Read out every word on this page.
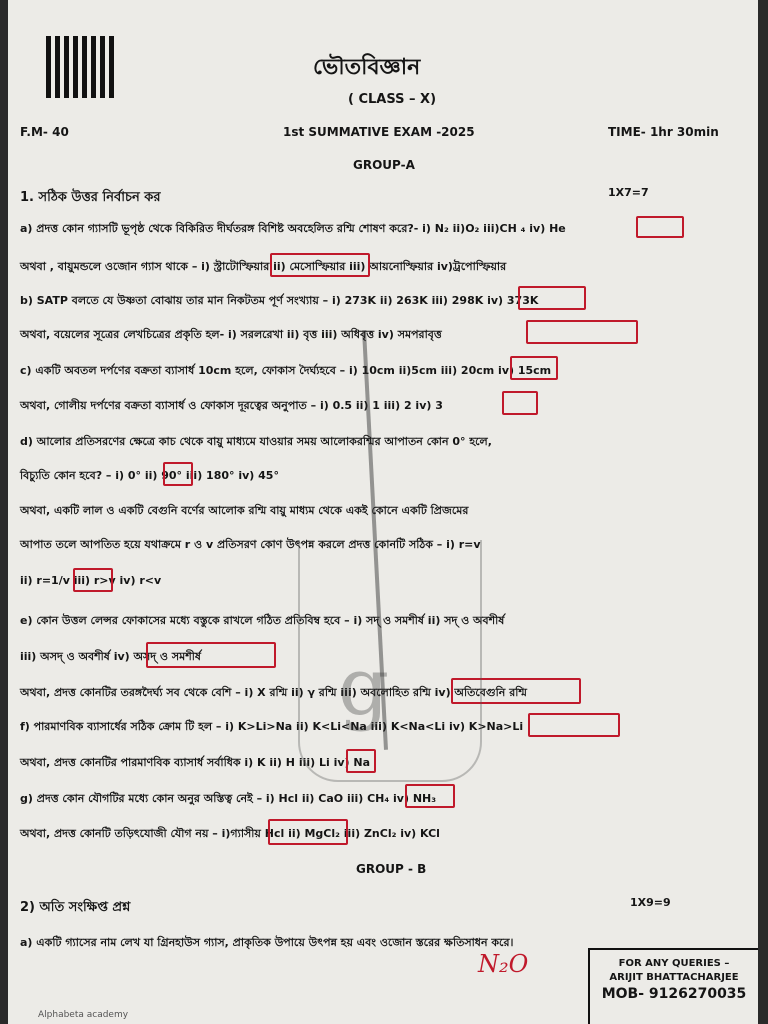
ভৌতবিজ্ঞান
( CLASS – X)
F.M- 40	1st SUMMATIVE EXAM -2025	TIME- 1hr 30min
GROUP-A
1. সঠিক উত্তর নির্বাচন কর	1X7=7
a) প্রদত্ত কোন গ্যাসটি ভূপৃষ্ঠ থেকে বিকিরিত দীর্ঘতরঙ্গ বিশিষ্ট অবহেলিত রশ্মি শোষণ করে?- i) N₂ ii)O₂ iii)CH ₄ iv) He
অথবা , বায়ুমন্ডলে ওজোন গ্যাস থাকে – i) স্ট্রাটোস্ফিয়ার ii) মেসোস্ফিয়ার iii) আয়নোস্ফিয়ার iv)ট্রপোস্ফিয়ার
b) SATP বলতে যে উষ্ণতা বোঝায় তার মান নিকটতম পূর্ণ সংখ্যায় – i) 273K ii) 263K iii) 298K iv) 373K
অথবা, বয়েলের সূত্রের লেখচিত্রের প্রকৃতি হল- i) সরলরেখা ii) বৃত্ত iii) অধিবৃত্ত iv) সমপরাবৃত্ত
c) একটি অবতল দর্পণের বক্রতা ব্যাসার্ধ 10cm হলে, ফোকাস দৈর্ঘ্যহবে – i) 10cm ii)5cm iii) 20cm iv) 15cm
অথবা, গোলীয় দর্পণের বক্রতা ব্যাসার্ধ ও ফোকাস দূরত্বের অনুপাত – i) 0.5 ii) 1 iii) 2 iv) 3
d) আলোর প্রতিসরণের ক্ষেত্রে কাচ থেকে বায়ু মাধ্যমে যাওয়ার সময় আলোকরশ্মির আপাতন কোন 0° হলে,
বিচ্যুতি কোন হবে? – i) 0° ii) 90° iii) 180° iv) 45°
অথবা, একটি লাল ও একটি বেগুনি বর্ণের আলোক রশ্মি বায়ু মাধ্যম থেকে একই কোনে একটি প্রিজমের
আপাত তলে আপতিত হয়ে যথাক্রমে r ও v প্রতিসরণ কোণ উৎপন্ন করলে প্রদত্ত কোনটি সঠিক – i) r=v
ii) r=1/v iii) r>v iv) r<v
e) কোন উত্তল লেন্সর ফোকাসের মধ্যে বস্তুকে রাখলে গঠিত প্রতিবিম্ব হবে – i) সদ্ ও সমশীর্ষ ii) সদ্ ও অবশীর্ষ
iii) অসদ্ ও অবশীর্ষ iv) অসদ্ ও সমশীর্ষ
অথবা, প্রদত্ত কোনটির তরঙ্গদৈর্ঘ্য সব থেকে বেশি – i) X রশ্মি ii) γ রশ্মি iii) অবলোহিত রশ্মি iv) অতিবেগুনি রশ্মি
f) পারমাণবিক ব্যাসার্ধের সঠিক ক্রোম টি হল – i) K>Li>Na ii) K<Li<Na iii) K<Na<Li iv) K>Na>Li
অথবা, প্রদত্ত কোনটির পারমাণবিক ব্যাসার্ধ সর্বাধিক i) K ii) H iii) Li iv) Na
g) প্রদত্ত কোন যৌগটির মধ্যে কোন অনুর অস্তিত্ব নেই – i) Hcl ii) CaO iii) CH₄ iv) NH₃
অথবা, প্রদত্ত কোনটি তড়িৎযোজী যৌগ নয় – i)গ্যাসীয় Hcl ii) MgCl₂ iii) ZnCl₂ iv) KCl
GROUP - B
2) অতি সংক্ষিপ্ত প্রশ্ন	1X9=9
a) একটি গ্যাসের নাম লেখ যা গ্রিনহাউস গ্যাস, প্রাকৃতিক উপায়ে উৎপন্ন হয় এবং ওজোন স্তরের ক্ষতিসাধন করে।
N₂O
g
FOR ANY QUERIES –
ARIJIT BHATTACHARJEE
MOB- 9126270035
Alphabeta academy
